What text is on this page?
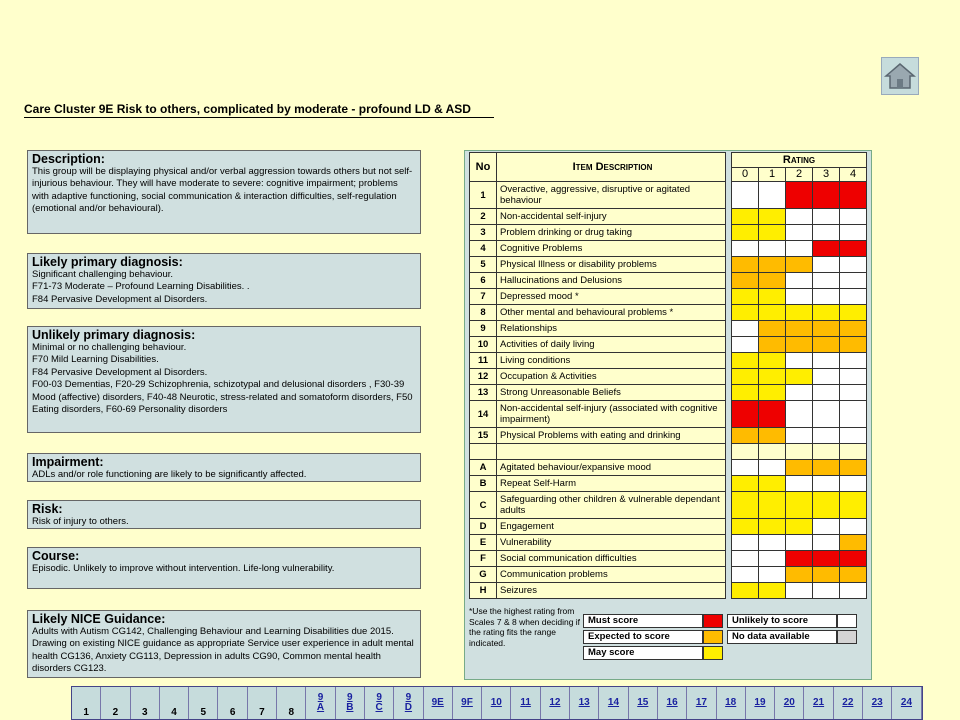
Care Cluster 9E Risk to others, complicated by moderate - profound LD & ASD
Description:

This group will be displaying physical and/or verbal aggression towards others but not self-injurious behaviour. They will have moderate to severe: cognitive impairment; problems with adaptive functioning, social communication & interaction difficulties, self-regulation (emotional and/or behavioural).

Likely primary diagnosis:

Significant challenging behaviour.

F71-73 Moderate – Profound Learning Disabilities. .

F84 Pervasive Development al Disorders.

Unlikely primary diagnosis:

Minimal or no challenging behaviour.

F70 Mild Learning Disabilities.

F84 Pervasive Development al Disorders.

F00-03 Dementias, F20-29 Schizophrenia, schizotypal and delusional disorders , F30-39 Mood (affective) disorders, F40-48 Neurotic, stress-related and somatoform disorders, F50 Eating disorders, F60-69 Personality disorders

Impairment:

ADLs and/or role functioning are likely to be significantly affected.

Risk:

Risk of injury to others.

Course:

Episodic. Unlikely to improve without intervention. Life-long vulnerability.

Likely NICE Guidance:

Adults with Autism CG142, Challenging Behaviour and Learning Disabilities due 2015. Drawing on existing NICE guidance as appropriate Service user experience in adult mental health CG136, Anxiety CG113, Depression in adults CG90, Common mental health disorders CG123.

No	Item Description		Rating				
			0	1	2	3	4
1	Overactive, aggressive, disruptive or agitated behaviour						
2	Non-accidental self-injury						
3	Problem drinking or drug taking						
4	Cognitive Problems						
5	Physical Illness or disability problems						
6	Hallucinations and Delusions						
7	Depressed mood *						
8	Other mental and behavioural problems *						
9	Relationships						
10	Activities of daily living						
11	Living conditions						
12	Occupation & Activities						
13	Strong Unreasonable Beliefs						
14	Non-accidental self-injury (associated with cognitive impairment)						
15	Physical Problems with eating and drinking						

A	Agitated behaviour/expansive mood						
B	Repeat Self-Harm						
C	Safeguarding other children & vulnerable dependant adults						
D	Engagement						
E	Vulnerability						
F	Social communication difficulties						
G	Communication problems						
H	Seizures						
*Use the highest rating from Scales 7 & 8 when deciding if the rating fits the range indicated.
Must score
Expected to score
May score
Unlikely to score
No data available
1	2	3	4	5	6	7	8
9A
9B
9C
9D	9E	9F	10	11	12	13	14	15	16	17	18	19	20	21	22	23	24
